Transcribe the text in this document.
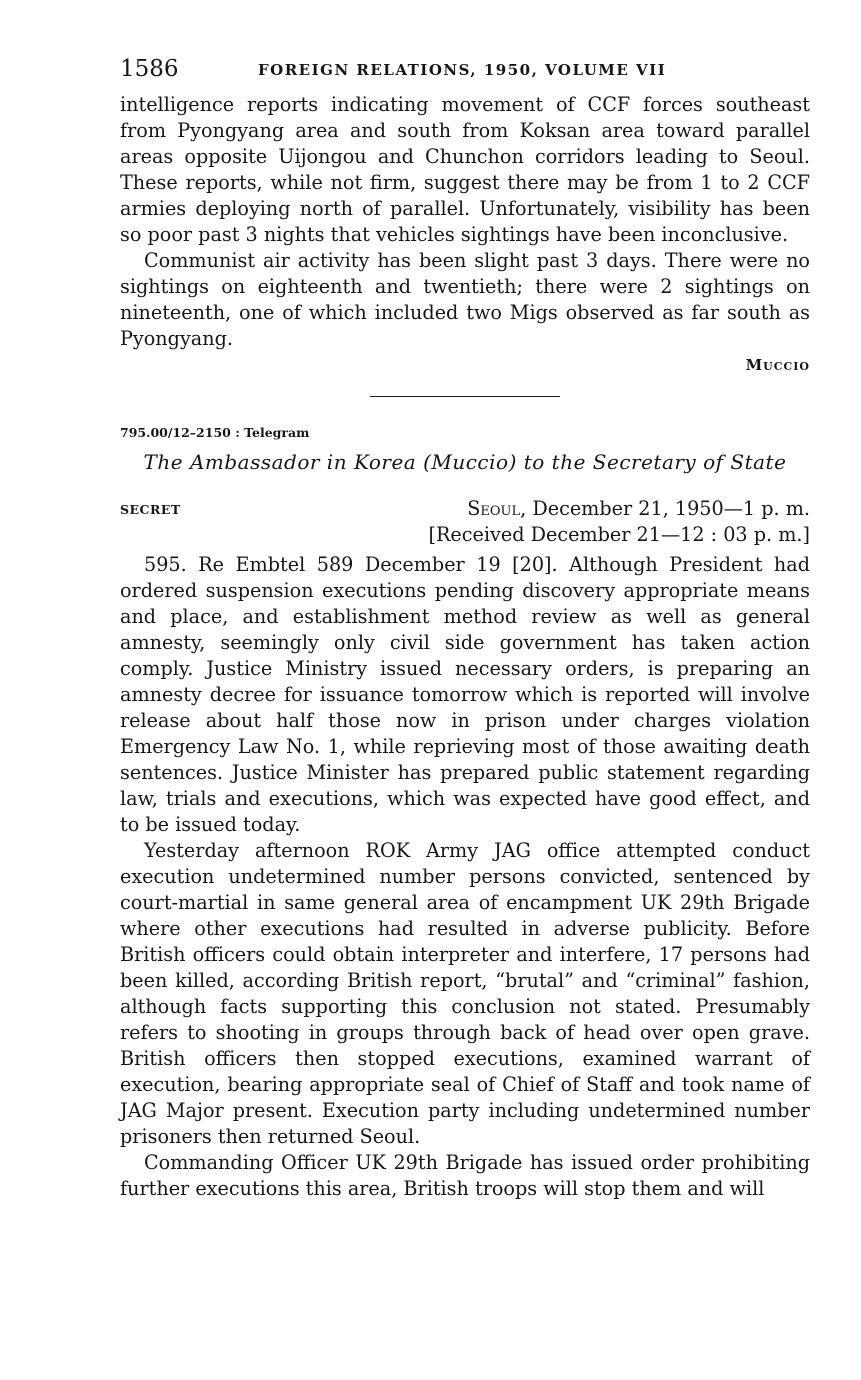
1586	FOREIGN RELATIONS, 1950, VOLUME VII

intelligence reports indicating movement of CCF forces southeast from Pyongyang area and south from Koksan area toward parallel areas opposite Uijongou and Chunchon corridors leading to Seoul. These reports, while not firm, suggest there may be from 1 to 2 CCF armies deploying north of parallel. Unfortunately, visibility has been so poor past 3 nights that vehicles sightings have been inconclusive.

Communist air activity has been slight past 3 days. There were no sightings on eighteenth and twentieth; there were 2 sightings on nineteenth, one of which included two Migs observed as far south as Pyongyang.

Muccio
795.00/12–2150 : Telegram
The Ambassador in Korea (Muccio) to the Secretary of State
SECRET	Seoul, December 21, 1950—1 p. m.
[Received December 21—12 : 03 p. m.]

595. Re Embtel 589 December 19 [20]. Although President had ordered suspension executions pending discovery appropriate means and place, and establishment method review as well as general amnesty, seemingly only civil side government has taken action comply. Justice Ministry issued necessary orders, is preparing an amnesty decree for issuance tomorrow which is reported will involve release about half those now in prison under charges violation Emergency Law No. 1, while reprieving most of those awaiting death sentences. Justice Minister has prepared public statement regarding law, trials and executions, which was expected have good effect, and to be issued today.

Yesterday afternoon ROK Army JAG office attempted conduct execution undetermined number persons convicted, sentenced by court-martial in same general area of encampment UK 29th Brigade where other executions had resulted in adverse publicity. Before British officers could obtain interpreter and interfere, 17 persons had been killed, according British report, “brutal” and “criminal” fashion, although facts supporting this conclusion not stated. Presumably refers to shooting in groups through back of head over open grave. British officers then stopped executions, examined warrant of execution, bearing appropriate seal of Chief of Staff and took name of JAG Major present. Execution party including undetermined number prisoners then returned Seoul.

Commanding Officer UK 29th Brigade has issued order prohibiting further executions this area, British troops will stop them and will
